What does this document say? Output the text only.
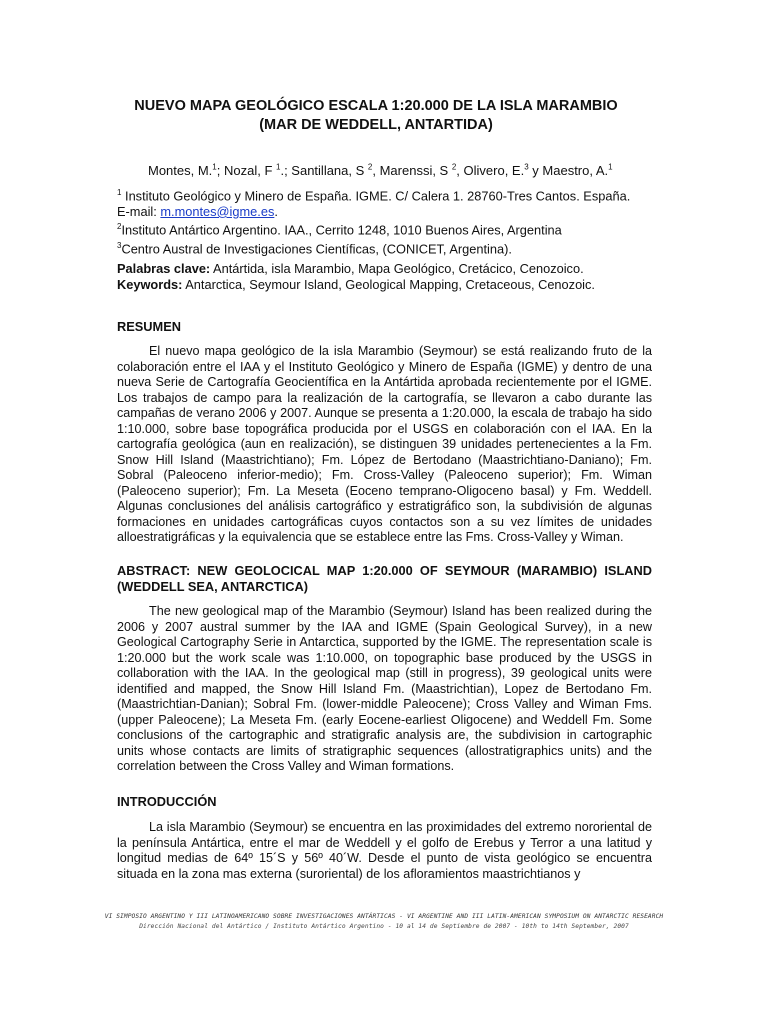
NUEVO MAPA GEOLÓGICO ESCALA 1:20.000 DE LA ISLA MARAMBIO
(MAR DE WEDDELL, ANTARTIDA)
Montes, M.$^1$; Nozal, F $^1$.; Santillana, S $^2$, Marenssi, S $^2$, Olivero, E.$^3$ y Maestro, A.$^1$
$^1$ Instituto Geológico y Minero de España. IGME. C/ Calera 1. 28760-Tres Cantos. España.
E-mail: m.montes@igme.es.
$^2$Instituto Antártico Argentino. IAA., Cerrito 1248, 1010 Buenos Aires, Argentina
$^3$Centro Austral de Investigaciones Científicas, (CONICET, Argentina).
Palabras clave: Antártida, isla Marambio, Mapa Geológico, Cretácico, Cenozoico.
Keywords: Antarctica, Seymour Island, Geological Mapping, Cretaceous, Cenozoic.
RESUMEN
El nuevo mapa geológico de la isla Marambio (Seymour) se está realizando fruto de la colaboración entre el IAA y el Instituto Geológico y Minero de España (IGME) y dentro de una nueva Serie de Cartografía Geocientífica en la Antártida aprobada recientemente por el IGME. Los trabajos de campo para la realización de la cartografía, se llevaron a cabo durante las campañas de verano 2006 y 2007. Aunque se presenta a 1:20.000, la escala de trabajo ha sido 1:10.000, sobre base topográfica producida por el USGS en colaboración con el IAA. En la cartografía geológica (aun en realización), se distinguen 39 unidades pertenecientes a la Fm. Snow Hill Island (Maastrichtiano); Fm. López de Bertodano (Maastrichtiano-Daniano); Fm. Sobral (Paleoceno inferior-medio); Fm. Cross-Valley (Paleoceno superior); Fm. Wiman (Paleoceno superior); Fm. La Meseta (Eoceno temprano-Oligoceno basal) y Fm. Weddell. Algunas conclusiones del análisis cartográfico y estratigráfico son, la subdivisión de algunas formaciones en unidades cartográficas cuyos contactos son a su vez límites de unidades alloestratigráficas y la equivalencia que se establece entre las Fms. Cross-Valley y Wiman.
ABSTRACT: NEW GEOLOCICAL MAP 1:20.000 OF SEYMOUR (MARAMBIO) ISLAND (WEDDELL SEA, ANTARCTICA)
The new geological map of the Marambio (Seymour) Island has been realized during the 2006 y 2007 austral summer by the IAA and IGME (Spain Geological Survey), in a new Geological Cartography Serie in Antarctica, supported by the IGME. The representation scale is 1:20.000 but the work scale was 1:10.000, on topographic base produced by the USGS in collaboration with the IAA. In the geological map (still in progress), 39 geological units were identified and mapped, the Snow Hill Island Fm. (Maastrichtian), Lopez de Bertodano Fm. (Maastrichtian-Danian); Sobral Fm. (lower-middle Paleocene); Cross Valley and Wiman Fms. (upper Paleocene); La Meseta Fm. (early Eocene-earliest Oligocene) and Weddell Fm. Some conclusions of the cartographic and stratigrafic analysis are, the subdivision in cartographic units whose contacts are limits of stratigraphic sequences (allostratigraphics units) and the correlation between the Cross Valley and Wiman formations.
INTRODUCCIÓN
La isla Marambio (Seymour) se encuentra en las proximidades del extremo nororiental de la península Antártica, entre el mar de Weddell y el golfo de Erebus y Terror a una latitud y longitud medias de 64º 15´S y 56º 40´W. Desde el punto de vista geológico se encuentra situada en la zona mas externa (suroriental) de los afloramientos maastrichtianos y
VI SIMPOSIO ARGENTINO Y III LATINOAMERICANO SOBRE INVESTIGACIONES ANTÁRTICAS - VI ARGENTINE AND III LATIN-AMERICAN SYMPOSIUM ON ANTARCTIC RESEARCH
Dirección Nacional del Antártico / Instituto Antártico Argentino - 10 al 14 de Septiembre de 2007 - 10th to 14th September, 2007
